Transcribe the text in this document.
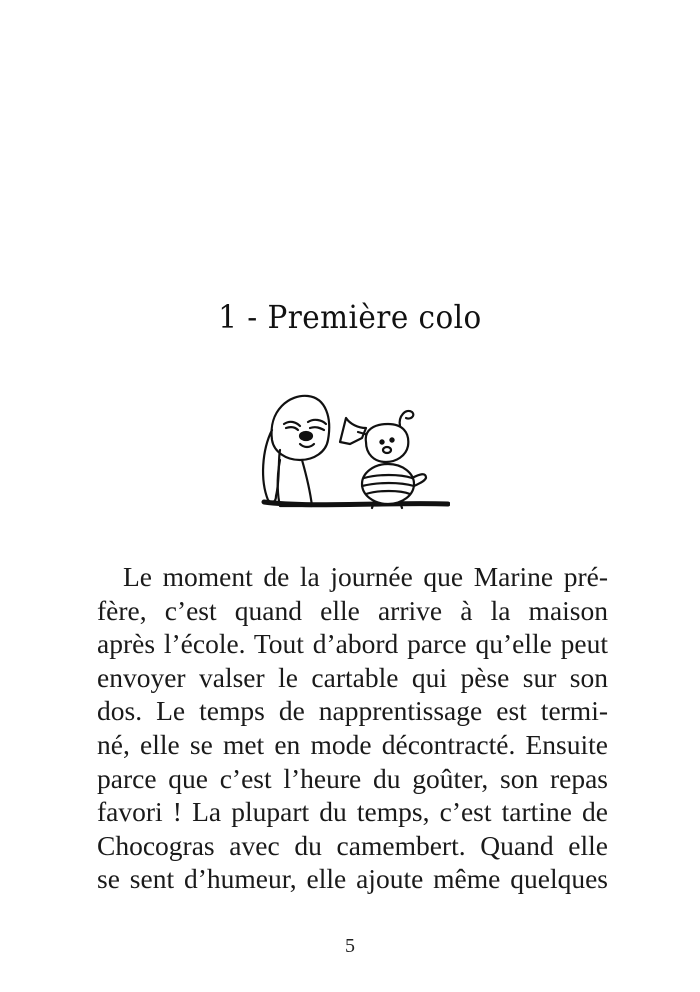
1 - Première colo
Le moment de la journée que Marine pré-
fère, c’est quand elle arrive à la maison
après l’école. Tout d’abord parce qu’elle peut
envoyer valser le cartable qui pèse sur son
dos. Le temps de napprentissage est termi-
né, elle se met en mode décontracté. Ensuite
parce que c’est l’heure du goûter, son repas
favori ! La plupart du temps, c’est tartine de
Chocogras avec du camembert. Quand elle
se sent d’humeur, elle ajoute même quelques
5
